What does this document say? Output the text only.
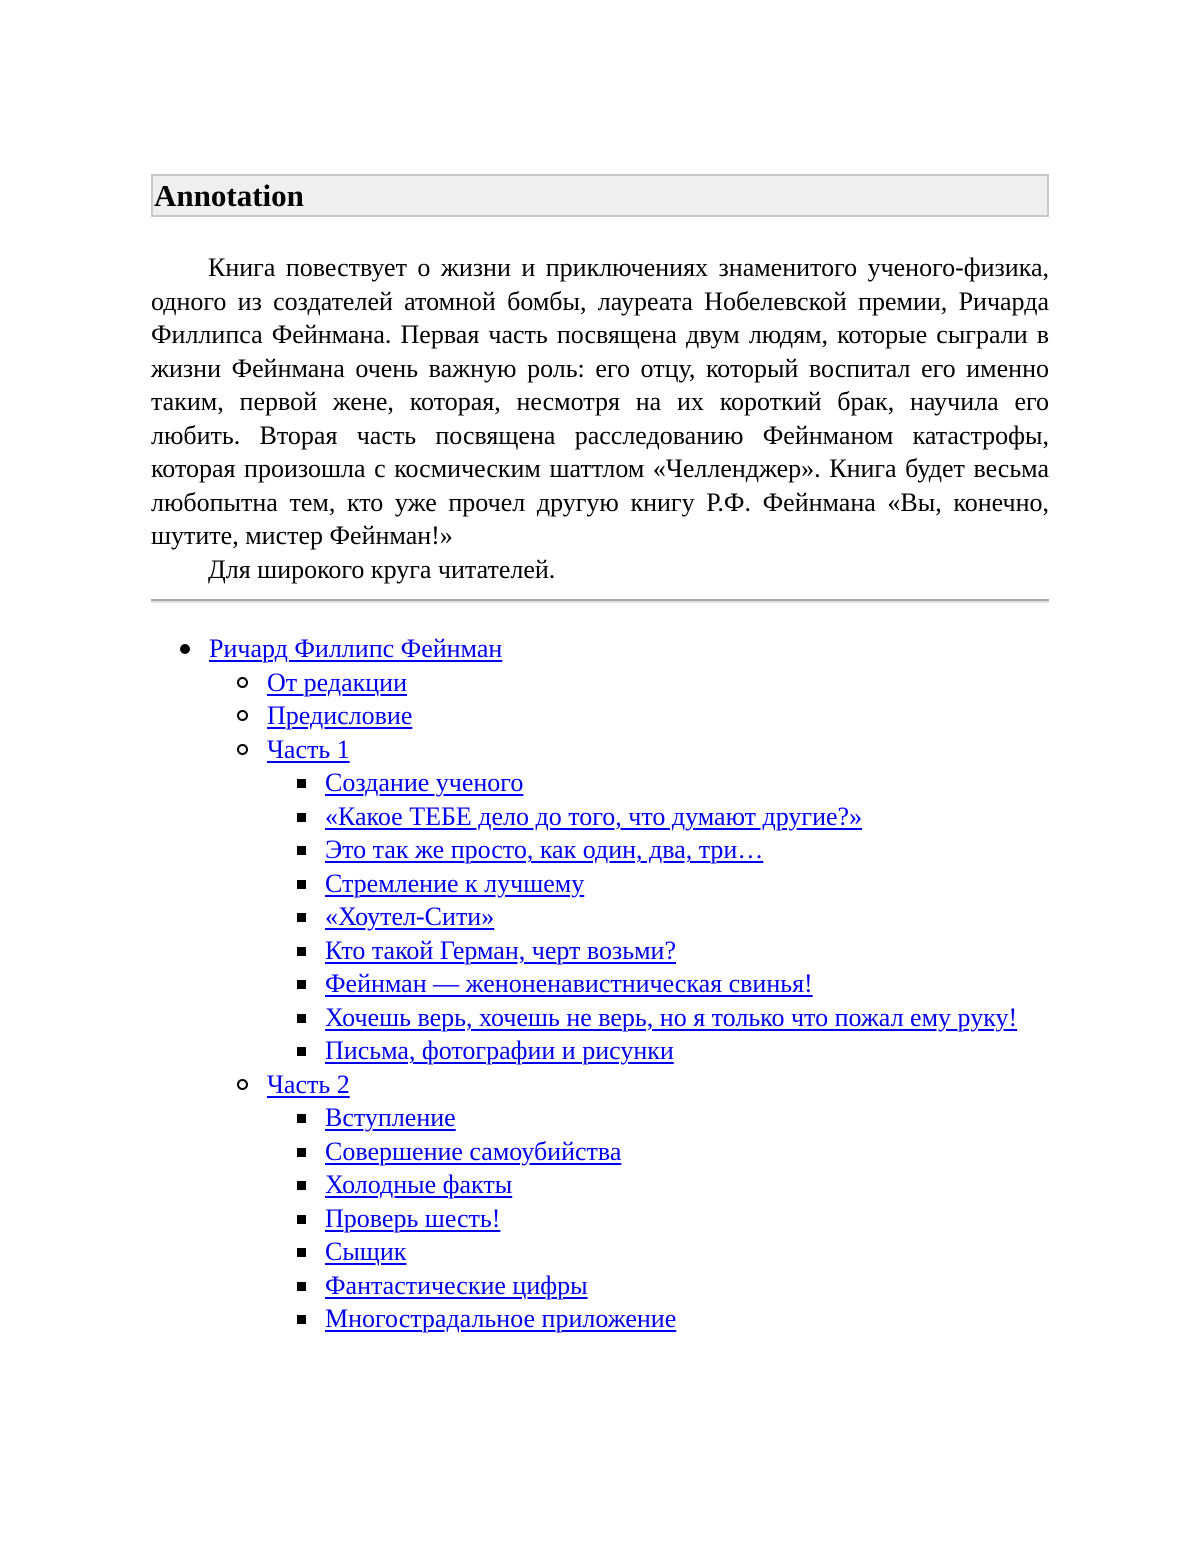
Annotation

Книга повествует о жизни и приключениях знаменитого ученого-физика, одного из создателей атомной бомбы, лауреата Нобелевской премии, Ричарда Филлипса Фейнмана. Первая часть посвящена двум людям, которые сыграли в жизни Фейнмана очень важную роль: его отцу, который воспитал его именно таким, первой жене, которая, несмотря на их короткий брак, научила его любить. Вторая часть посвящена расследованию Фейнманом катастрофы, которая произошла с космическим шаттлом «Челленджер». Книга будет весьма любопытна тем, кто уже прочел другую книгу Р.Ф. Фейнмана «Вы, конечно, шутите, мистер Фейнман!»

Для широкого круга читателей.

Ричард Филлипс Фейнман
От редакции
Предисловие
Часть 1
Создание ученого
«Какое ТЕБЕ дело до того, что думают другие?»
Это так же просто, как один, два, три…
Стремление к лучшему
«Хоутел-Сити»
Кто такой Герман, черт возьми?
Фейнман — женоненавистническая свинья!
Хочешь верь, хочешь не верь, но я только что пожал ему руку!
Письма, фотографии и рисунки
Часть 2
Вступление
Совершение самоубийства
Холодные факты
Проверь шесть!
Сыщик
Фантастические цифры
Многострадальное приложение
